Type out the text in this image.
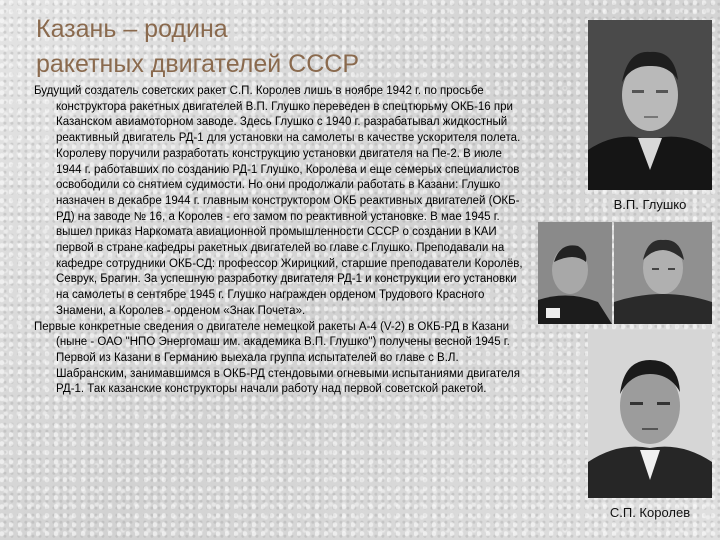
Казань – родина
ракетных двигателей СССР

Будущий создатель советских ракет С.П. Королев лишь в ноябре 1942 г. по просьбе конструктора ракетных двигателей В.П. Глушко переведен в спецтюрьму ОКБ-16 при Казанском авиамоторном заводе. Здесь Глушко с 1940 г. разрабатывал жидкостный реактивный двигатель РД-1 для установки на самолеты в качестве ускорителя полета. Королеву поручили разработать конструкцию установки двигателя на Пе-2. В июле 1944 г. работавших по созданию РД-1 Глушко, Королева и еще семерых специалистов освободили со снятием судимости. Но они продолжали работать в Казани: Глушко назначен в декабре 1944 г. главным конструктором ОКБ реактивных двигателей (ОКБ-РД) на заводе № 16, а Королев - его замом по реактивной установке. В мае 1945 г. вышел приказ Наркомата авиационной промышленности СССР о создании в КАИ первой в стране кафедры ракетных двигателей во главе с Глушко. Преподавали на кафедре сотрудники ОКБ-СД: профессор Жирицкий, старшие преподаватели Королёв, Севрук, Брагин. За успешную разработку двигателя РД-1 и конструкции его установки на самолеты в сентябре 1945 г. Глушко награжден орденом Трудового Красного Знамени, а Королев - орденом «Знак Почета».

Первые конкретные сведения о двигателе немецкой ракеты А-4 (V-2) в ОКБ-РД в Казани (ныне - ОАО "НПО Энергомаш им. академика В.П. Глушко") получены весной 1945 г. Первой из Казани в Германию выехала группа испытателей во главе с В.Л. Шабранским, занимавшимся в ОКБ-РД стендовыми огневыми испытаниями двигателя РД-1. Так казанские конструкторы начали работу над первой советской ракетой.

В.П. Глушко
С.П. Королев
